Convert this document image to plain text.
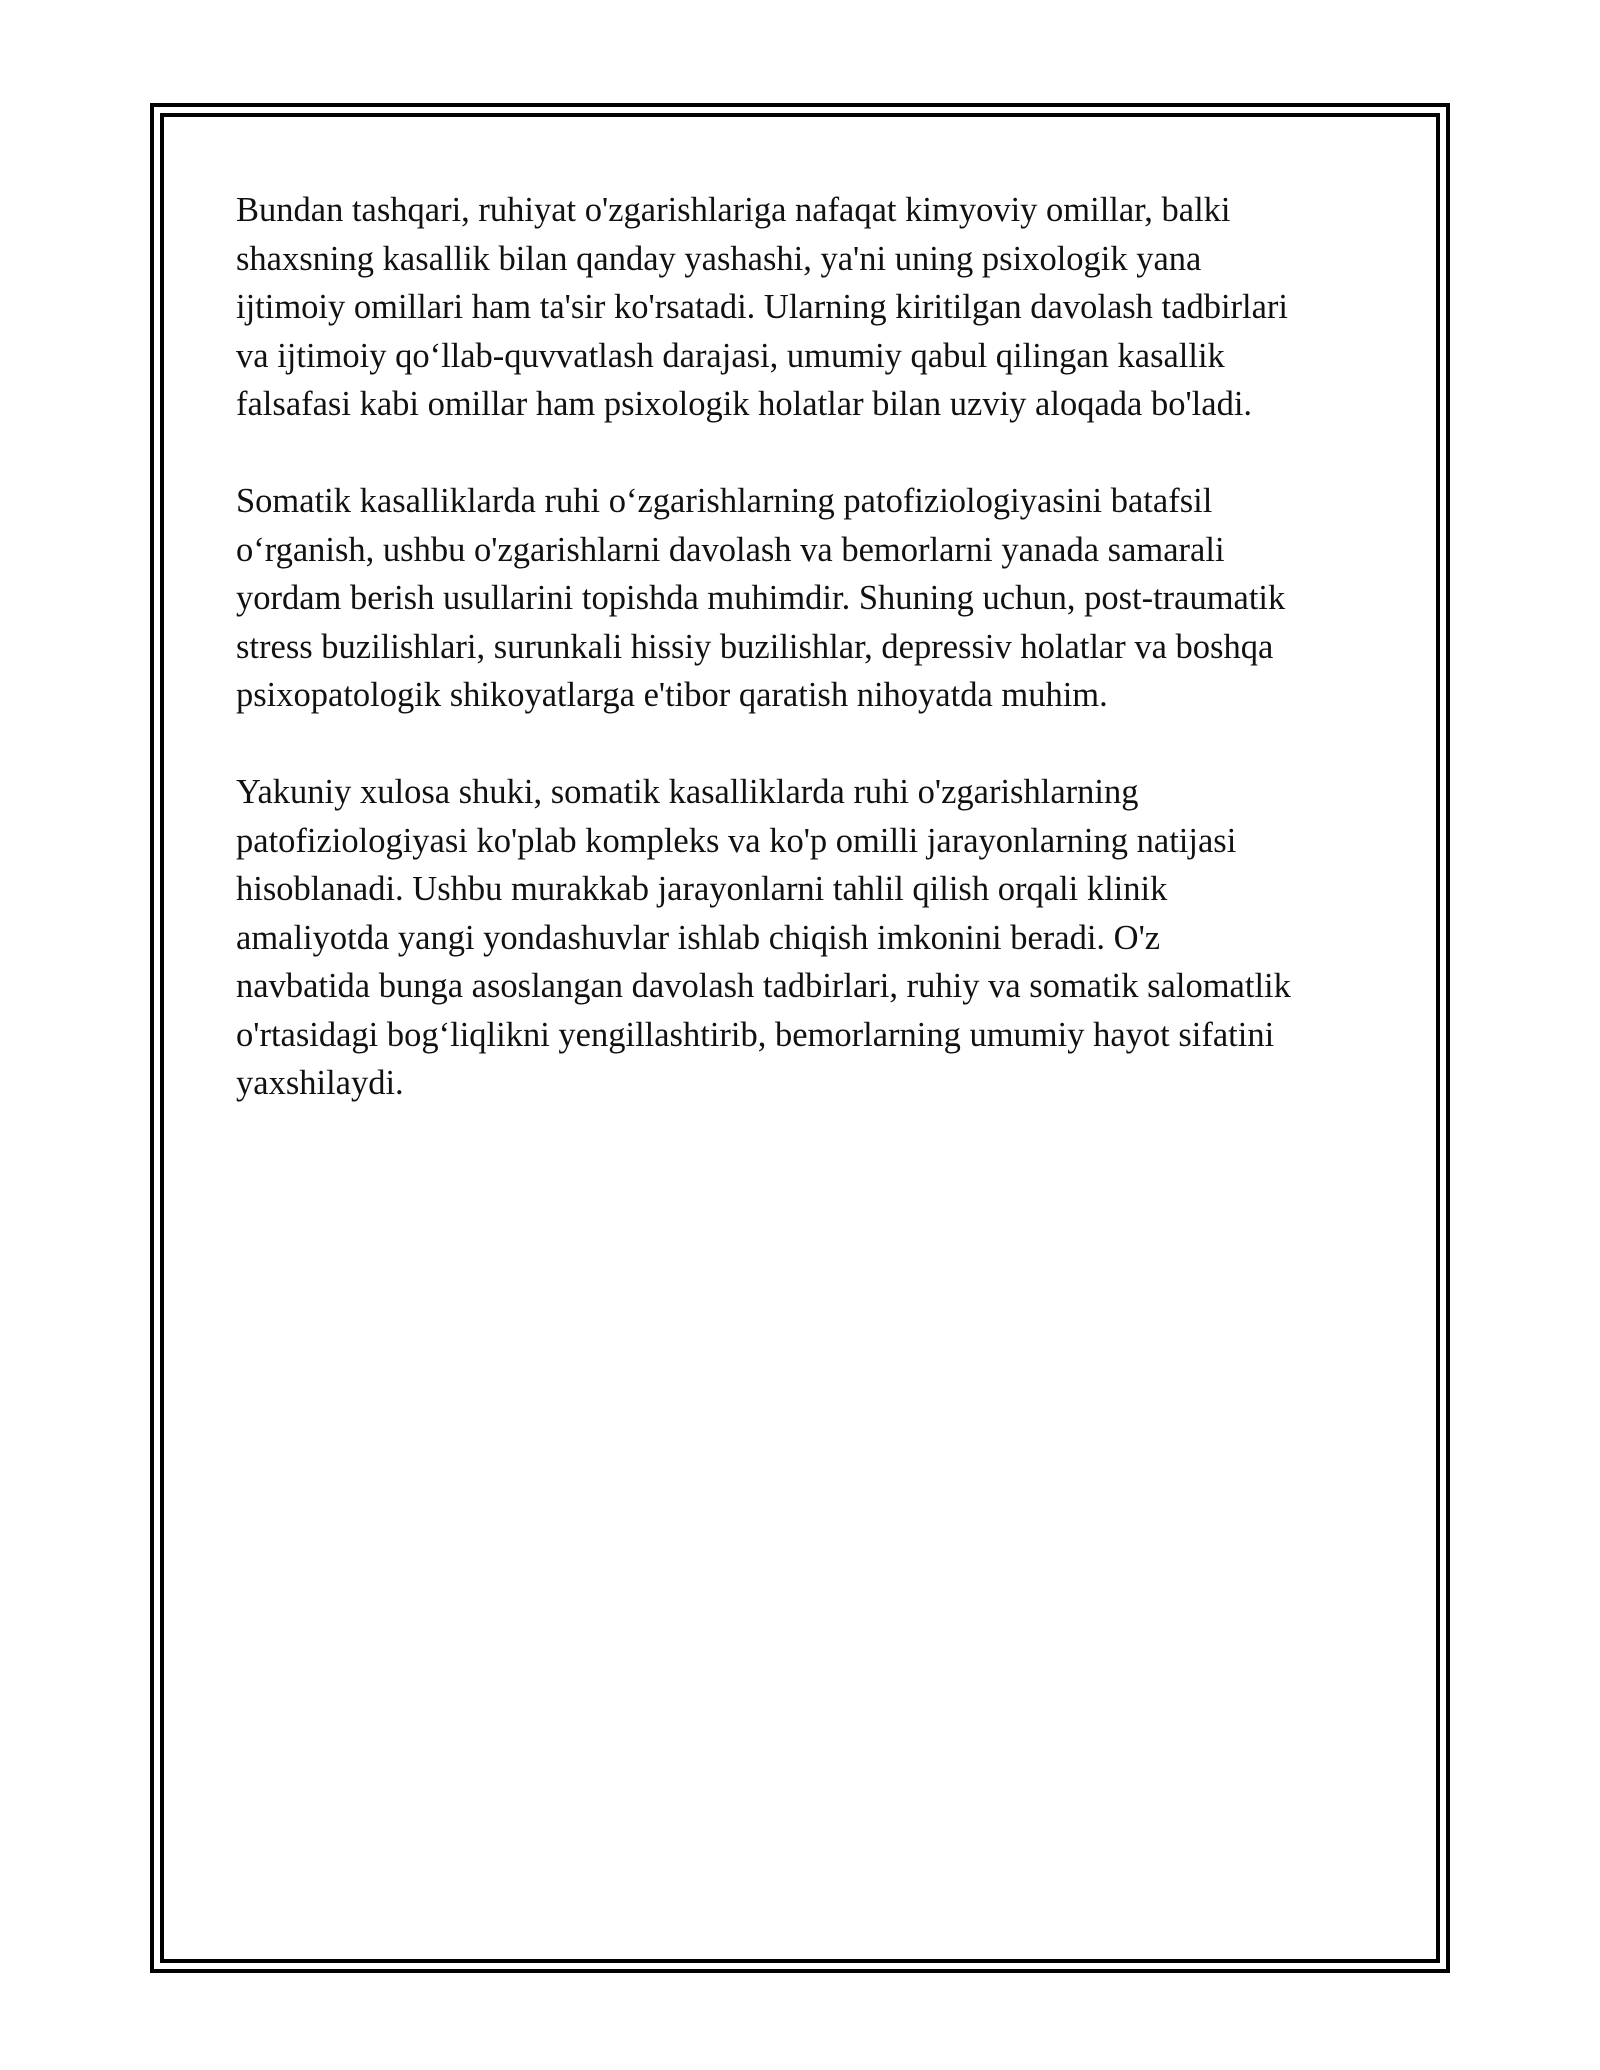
Bundan tashqari, ruhiyat o'zgarishlariga nafaqat kimyoviy omillar, balki
shaxsning kasallik bilan qanday yashashi, ya'ni uning psixologik yana
ijtimoiy omillari ham ta'sir ko'rsatadi. Ularning kiritilgan davolash tadbirlari
va ijtimoiy qo‘llab-quvvatlash darajasi, umumiy qabul qilingan kasallik
falsafasi kabi omillar ham psixologik holatlar bilan uzviy aloqada bo'ladi.

Somatik kasalliklarda ruhi o‘zgarishlarning patofiziologiyasini batafsil
o‘rganish, ushbu o'zgarishlarni davolash va bemorlarni yanada samarali
yordam berish usullarini topishda muhimdir. Shuning uchun, post-traumatik
stress buzilishlari, surunkali hissiy buzilishlar, depressiv holatlar va boshqa
psixopatologik shikoyatlarga e'tibor qaratish nihoyatda muhim.

Yakuniy xulosa shuki, somatik kasalliklarda ruhi o'zgarishlarning
patofiziologiyasi ko'plab kompleks va ko'p omilli jarayonlarning natijasi
hisoblanadi. Ushbu murakkab jarayonlarni tahlil qilish orqali klinik
amaliyotda yangi yondashuvlar ishlab chiqish imkonini beradi. O'z
navbatida bunga asoslangan davolash tadbirlari, ruhiy va somatik salomatlik
o'rtasidagi bog‘liqlikni yengillashtirib, bemorlarning umumiy hayot sifatini
yaxshilaydi.
